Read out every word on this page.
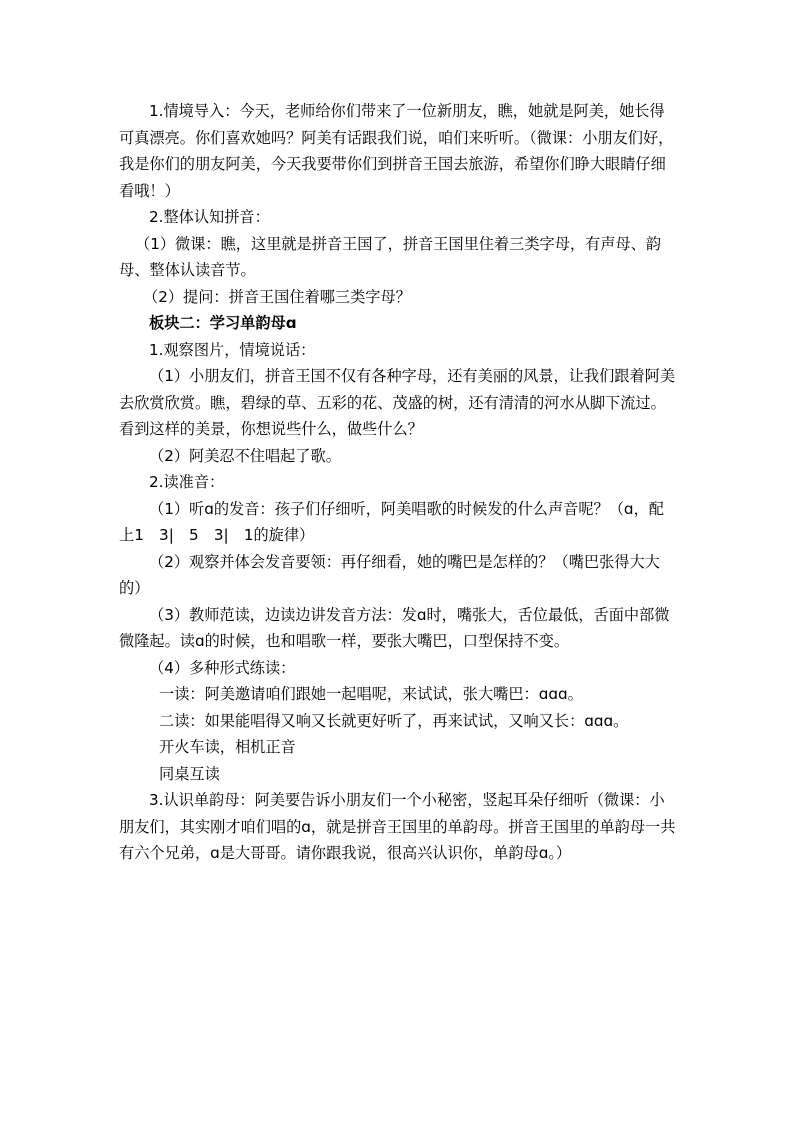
1.情境导入：今天，老师给你们带来了一位新朋友，瞧，她就是阿美，她长得可真漂亮。你们喜欢她吗？阿美有话跟我们说，咱们来听听。（微课：小朋友们好，我是你们的朋友阿美，今天我要带你们到拼音王国去旅游，希望你们睁大眼睛仔细看哦！）

2.整体认知拼音：

（1）微课：瞧，这里就是拼音王国了，拼音王国里住着三类字母，有声母、韵母、整体认读音节。

（2）提问：拼音王国住着哪三类字母？

板块二：学习单韵母ɑ

1.观察图片，情境说话：

（1）小朋友们，拼音王国不仅有各种字母，还有美丽的风景，让我们跟着阿美去欣赏欣赏。瞧，碧绿的草、五彩的花、茂盛的树，还有清清的河水从脚下流过。看到这样的美景，你想说些什么，做些什么？

（2）阿美忍不住唱起了歌。

2.读准音：

（1）听ɑ的发音：孩子们仔细听，阿美唱歌的时候发的什么声音呢？（ɑ，配上1　3|　5　3|　1的旋律）

（2）观察并体会发音要领：再仔细看，她的嘴巴是怎样的？（嘴巴张得大大的）

（3）教师范读，边读边讲发音方法：发ɑ时，嘴张大，舌位最低，舌面中部微微隆起。读ɑ的时候，也和唱歌一样，要张大嘴巴，口型保持不变。

（4）多种形式练读：

一读：阿美邀请咱们跟她一起唱呢，来试试，张大嘴巴：ɑɑɑ。

二读：如果能唱得又响又长就更好听了，再来试试，又响又长：ɑɑɑ。

开火车读，相机正音

同桌互读

3.认识单韵母：阿美要告诉小朋友们一个小秘密，竖起耳朵仔细听（微课：小朋友们，其实刚才咱们唱的ɑ，就是拼音王国里的单韵母。拼音王国里的单韵母一共有六个兄弟，ɑ是大哥哥。请你跟我说，很高兴认识你，单韵母ɑ。）
